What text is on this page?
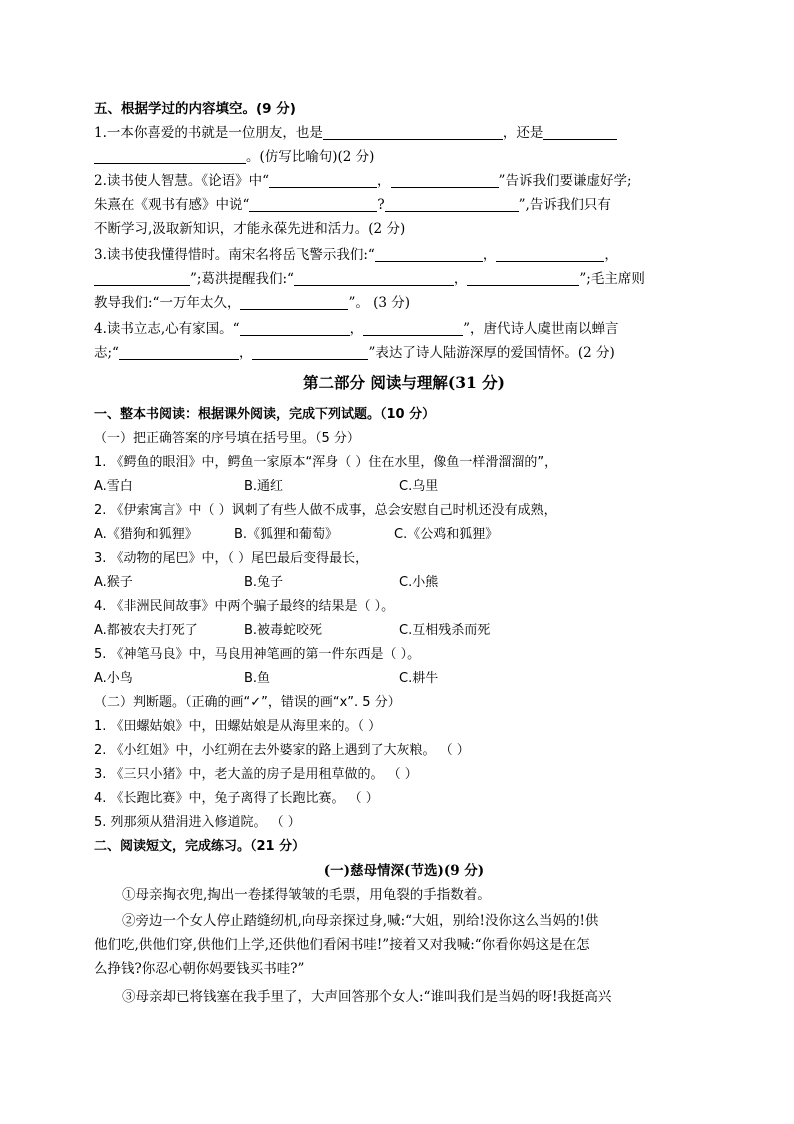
五、根据学过的内容填空。(9 分)
1.一本你喜爱的书就是一位朋友，也是	，还是
。(仿写比喻句)(2 分)
2.读书使人智慧。《论语》中“	，	”告诉我们要谦虚好学;
朱熹在《观书有感》中说“	?	”,告诉我们只有
不断学习,汲取新知识，才能永葆先进和活力。(2 分)
3.读书使我懂得惜时。南宋名将岳飞警示我们:“	，	，
”;葛洪提醒我们:“	，	”;毛主席则
教导我们:“一万年太久，	”。 (3 分)
4.读书立志,心有家国。“	，	”，唐代诗人虞世南以蝉言
志;“	，	”表达了诗人陆游深厚的爱国情怀。(2 分)
第二部分 阅读与理解(31 分)
一、整本书阅读：根据课外阅读，完成下列试题。（10 分）
（一）把正确答案的序号填在括号里。（5 分）
1. 《鳄鱼的眼泪》中，鳄鱼一家原本“浑身（ ）住在水里，像鱼一样滑溜溜的”，
A.雪白	B.通红	C.乌里
2. 《伊索寓言》中（ ）讽刺了有些人做不成事，总会安慰自己时机还没有成熟，
A.《猎狗和狐狸》	B.《狐狸和葡萄》	C.《公鸡和狐狸》
3. 《动物的尾巴》中，（ ）尾巴最后变得最长，
A.猴子	B.兔子	C.小熊
4. 《非洲民间故事》中两个骗子最终的结果是（ ）。
A.都被农夫打死了	B.被毒蛇咬死	C.互相残杀而死
5. 《神笔马良》中，马良用神笔画的第一件东西是（ ）。
A.小鸟	B.鱼	C.耕牛
（二）判断题。（正确的画“✓”，错误的画“x”. 5 分）
1. 《田螺姑娘》中，田螺姑娘是从海里来的。（ ）
2. 《小红姐》中，小红朔在去外婆家的路上遇到了大灰粮。 （ ）
3. 《三只小猪》中，老大盖的房子是用租草做的。 （ ）
4. 《长跑比赛》中，兔子离得了长跑比赛。 （ ）
5. 列那须从猎涓进入修道院。 （ ）
二、阅读短文，完成练习。（21 分）
(一)慈母情深(节选)(9 分)
①母亲掏衣兜,掏出一卷揉得皱皱的毛票，用龟裂的手指数着。
②旁边一个女人停止踏缝纫机,向母亲探过身,喊:“大姐，别给!没你这么当妈的!供
他们吃,供他们穿,供他们上学,还供他们看闲书哇!”接着又对我喊:“你看你妈这是在怎
么挣钱?你忍心朝你妈要钱买书哇?”
③母亲却已将钱塞在我手里了，大声回答那个女人:“谁叫我们是当妈的呀!我挺高兴
